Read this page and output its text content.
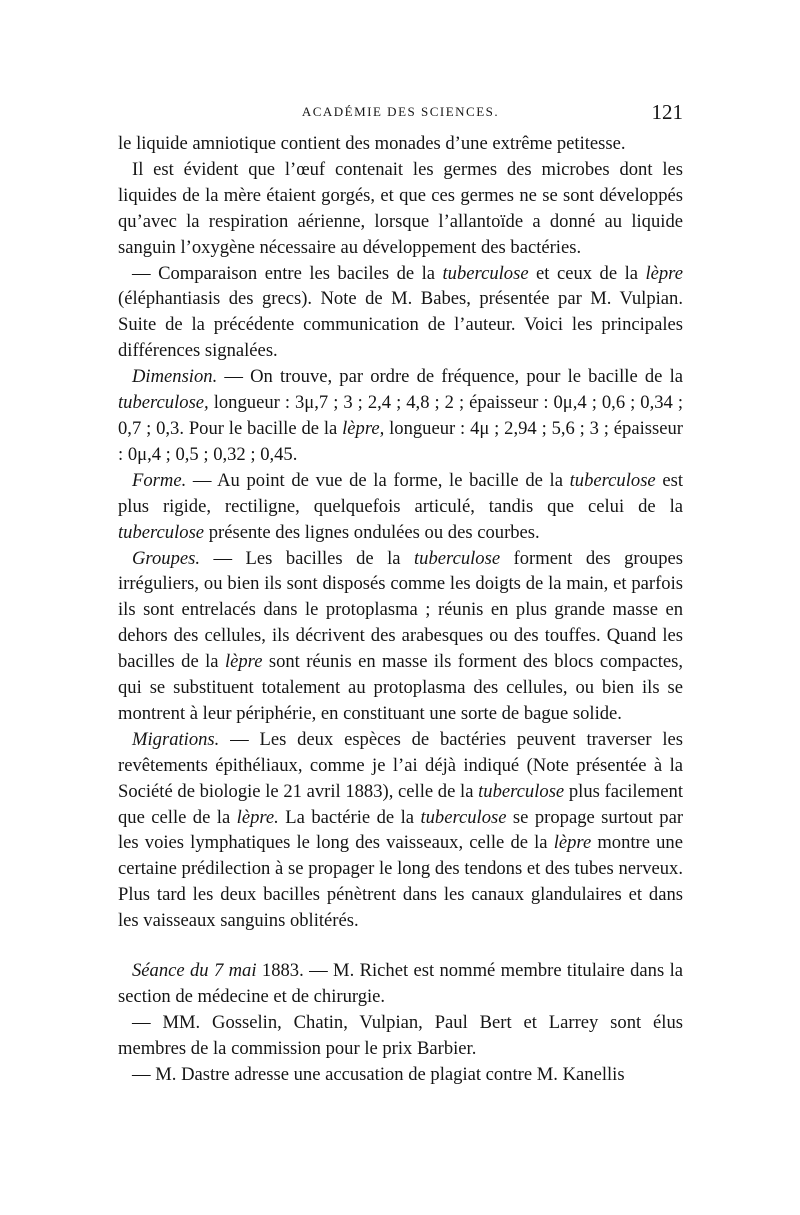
ACADÉMIE DES SCIENCES.	121

le liquide amniotique contient des monades d’une extrême petitesse.

Il est évident que l’œuf contenait les germes des microbes dont les liquides de la mère étaient gorgés, et que ces germes ne se sont développés qu’avec la respiration aérienne, lorsque l’allantoïde a donné au liquide sanguin l’oxygène nécessaire au développement des bactéries.

— Comparaison entre les baciles de la tuberculose et ceux de la lèpre (éléphantiasis des grecs). Note de M. Babes, présentée par M. Vulpian. Suite de la précédente communication de l’auteur. Voici les principales différences signalées.

Dimension. — On trouve, par ordre de fréquence, pour le bacille de la tuberculose, longueur : 3μ,7 ; 3 ; 2,4 ; 4,8 ; 2 ; épaisseur : 0μ,4 ; 0,6 ; 0,34 ; 0,7 ; 0,3. Pour le bacille de la lèpre, longueur : 4μ ; 2,94 ; 5,6 ; 3 ; épaisseur : 0μ,4 ; 0,5 ; 0,32 ; 0,45.

Forme. — Au point de vue de la forme, le bacille de la tuberculose est plus rigide, rectiligne, quelquefois articulé, tandis que celui de la tuberculose présente des lignes ondulées ou des courbes.

Groupes. — Les bacilles de la tuberculose forment des groupes irréguliers, ou bien ils sont disposés comme les doigts de la main, et parfois ils sont entrelacés dans le protoplasma ; réunis en plus grande masse en dehors des cellules, ils décrivent des arabesques ou des touffes. Quand les bacilles de la lèpre sont réunis en masse ils forment des blocs compactes, qui se substituent totalement au protoplasma des cellules, ou bien ils se montrent à leur périphérie, en constituant une sorte de bague solide.

Migrations. — Les deux espèces de bactéries peuvent traverser les revêtements épithéliaux, comme je l’ai déjà indiqué (Note présentée à la Société de biologie le 21 avril 1883), celle de la tuberculose plus facilement que celle de la lèpre. La bactérie de la tuberculose se propage surtout par les voies lymphatiques le long des vaisseaux, celle de la lèpre montre une certaine prédilection à se propager le long des tendons et des tubes nerveux. Plus tard les deux bacilles pénètrent dans les canaux glandulaires et dans les vaisseaux sanguins oblitérés.

Séance du 7 mai 1883. — M. Richet est nommé membre titulaire dans la section de médecine et de chirurgie.

— MM. Gosselin, Chatin, Vulpian, Paul Bert et Larrey sont élus membres de la commission pour le prix Barbier.

— M. Dastre adresse une accusation de plagiat contre M. Kanellis
